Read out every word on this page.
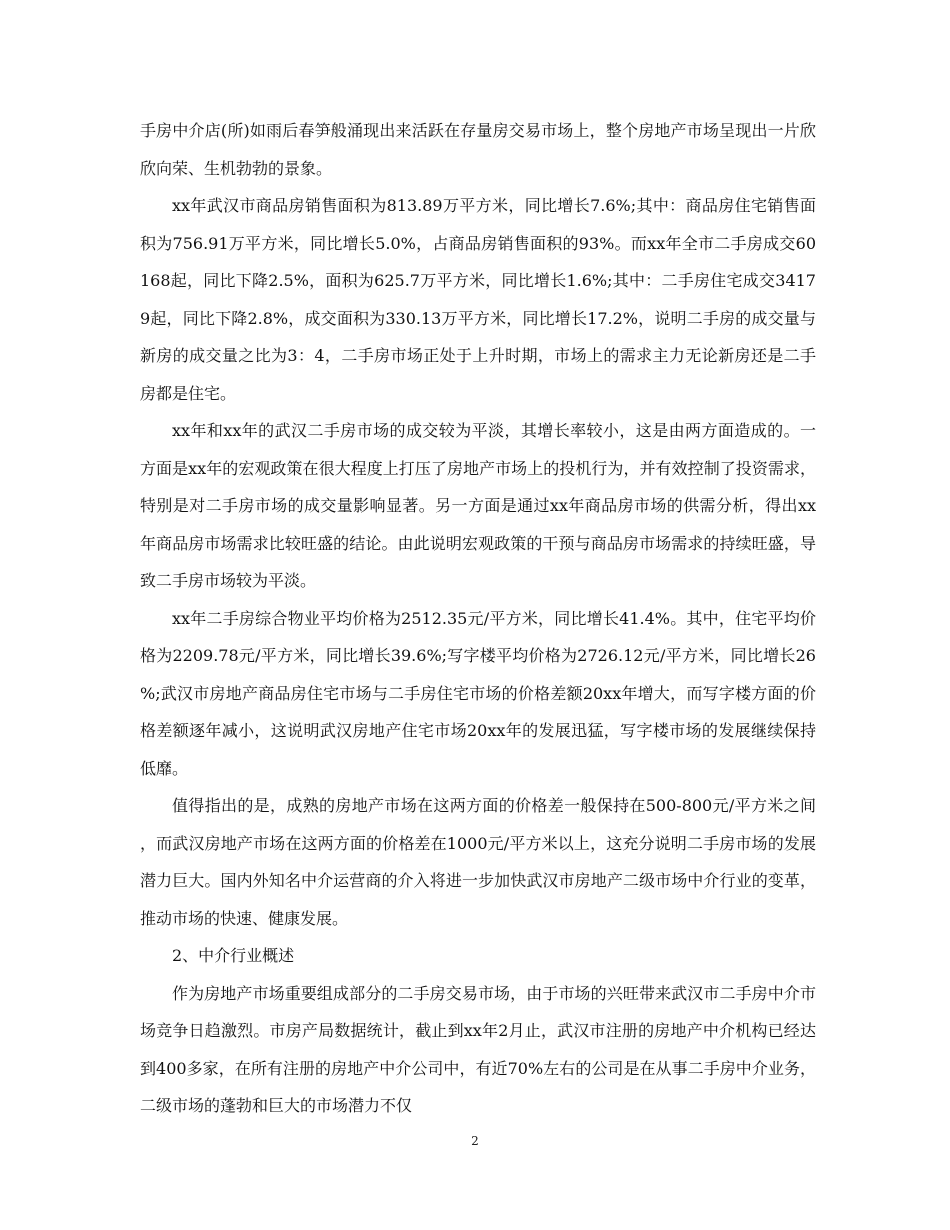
手房中介店(所)如雨后春笋般涌现出来活跃在存量房交易市场上，整个房地产市场呈现出一片欣欣向荣、生机勃勃的景象。

xx年武汉市商品房销售面积为813.89万平方米，同比增长7.6%;其中：商品房住宅销售面积为756.91万平方米，同比增长5.0%，占商品房销售面积的93%。而xx年全市二手房成交60168起，同比下降2.5%，面积为625.7万平方米，同比增长1.6%;其中：二手房住宅成交34179起，同比下降2.8%，成交面积为330.13万平方米，同比增长17.2%，说明二手房的成交量与新房的成交量之比为3：4，二手房市场正处于上升时期，市场上的需求主力无论新房还是二手房都是住宅。

xx年和xx年的武汉二手房市场的成交较为平淡，其增长率较小，这是由两方面造成的。一方面是xx年的宏观政策在很大程度上打压了房地产市场上的投机行为，并有效控制了投资需求，特别是对二手房市场的成交量影响显著。另一方面是通过xx年商品房市场的供需分析，得出xx年商品房市场需求比较旺盛的结论。由此说明宏观政策的干预与商品房市场需求的持续旺盛，导致二手房市场较为平淡。

xx年二手房综合物业平均价格为2512.35元/平方米，同比增长41.4%。其中，住宅平均价格为2209.78元/平方米，同比增长39.6%;写字楼平均价格为2726.12元/平方米，同比增长26%;武汉市房地产商品房住宅市场与二手房住宅市场的价格差额20xx年增大，而写字楼方面的价格差额逐年减小，这说明武汉房地产住宅市场20xx年的发展迅猛，写字楼市场的发展继续保持低靡。

值得指出的是，成熟的房地产市场在这两方面的价格差一般保持在500-800元/平方米之间，而武汉房地产市场在这两方面的价格差在1000元/平方米以上，这充分说明二手房市场的发展潜力巨大。国内外知名中介运营商的介入将进一步加快武汉市房地产二级市场中介行业的变革，推动市场的快速、健康发展。

2、中介行业概述

作为房地产市场重要组成部分的二手房交易市场，由于市场的兴旺带来武汉市二手房中介市场竞争日趋激烈。市房产局数据统计，截止到xx年2月止，武汉市注册的房地产中介机构已经达到400多家，在所有注册的房地产中介公司中，有近70%左右的公司是在从事二手房中介业务，二级市场的蓬勃和巨大的市场潜力不仅

2
